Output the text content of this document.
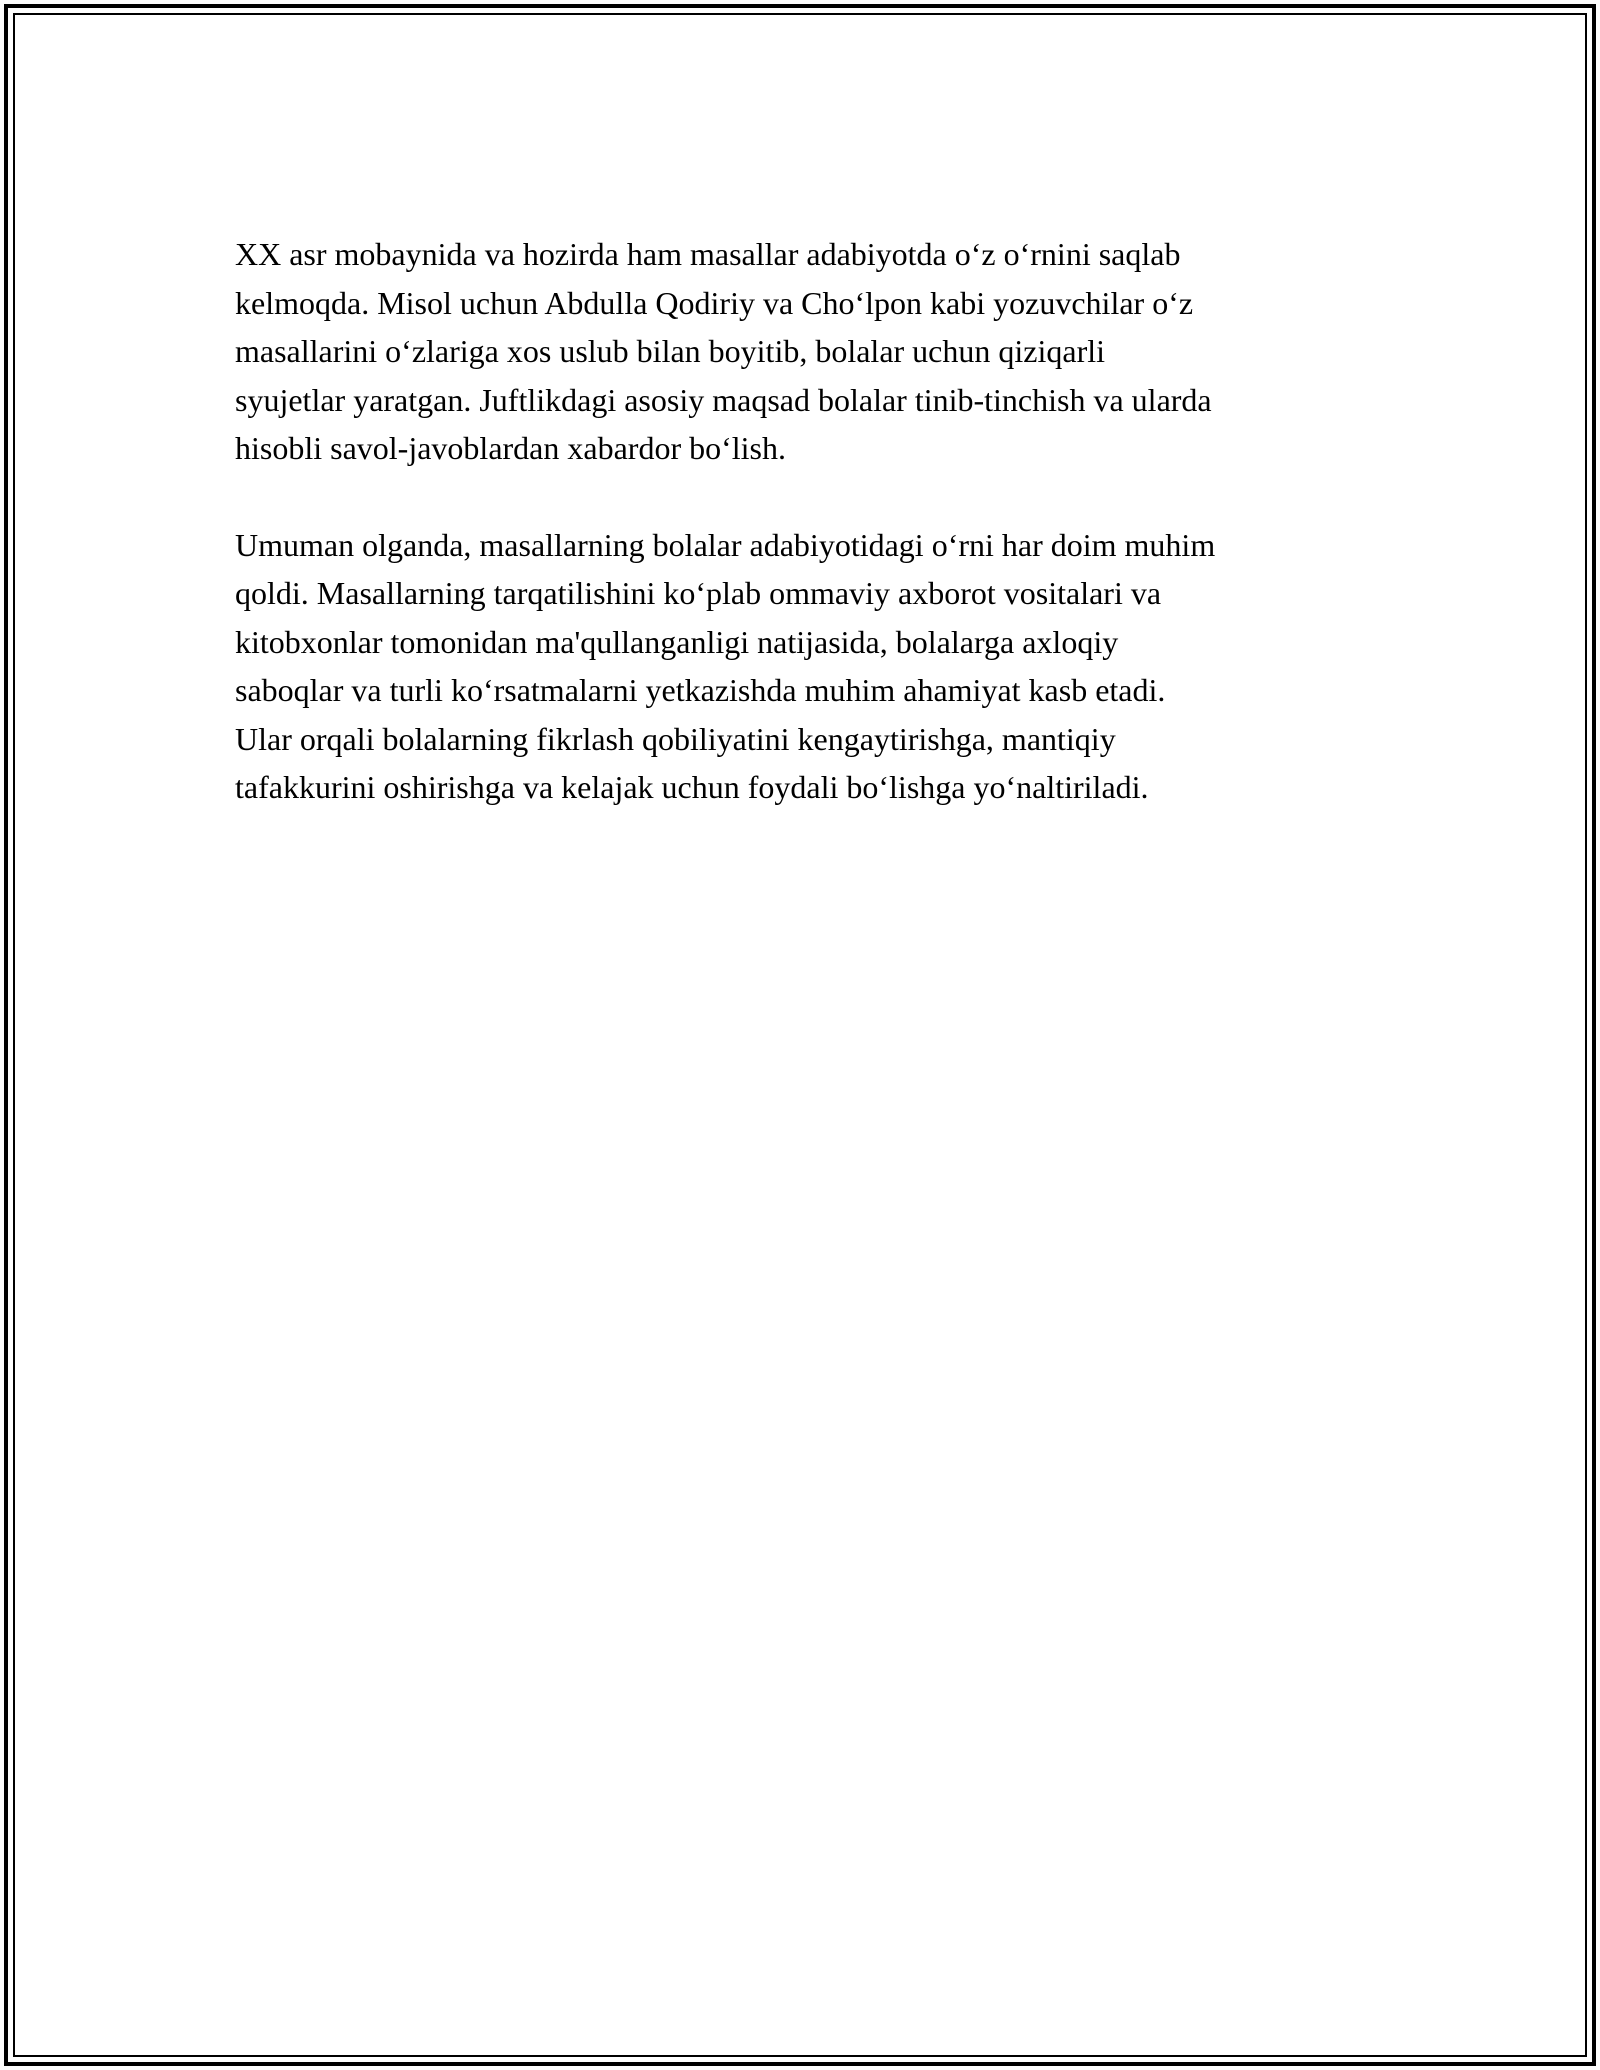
XX asr mobaynida va hozirda ham masallar adabiyotda o‘z o‘rnini saqlab
kelmoqda. Misol uchun Abdulla Qodiriy va Cho‘lpon kabi yozuvchilar o‘z
masallarini o‘zlariga xos uslub bilan boyitib, bolalar uchun qiziqarli
syujetlar yaratgan. Juftlikdagi asosiy maqsad bolalar tinib-tinchish va ularda
hisobli savol-javoblardan xabardor bo‘lish.

Umuman olganda, masallarning bolalar adabiyotidagi o‘rni har doim muhim
qoldi. Masallarning tarqatilishini ko‘plab ommaviy axborot vositalari va
kitobxonlar tomonidan ma'qullanganligi natijasida, bolalarga axloqiy
saboqlar va turli ko‘rsatmalarni yetkazishda muhim ahamiyat kasb etadi.
Ular orqali bolalarning fikrlash qobiliyatini kengaytirishga, mantiqiy
tafakkurini oshirishga va kelajak uchun foydali bo‘lishga yo‘naltiriladi.
